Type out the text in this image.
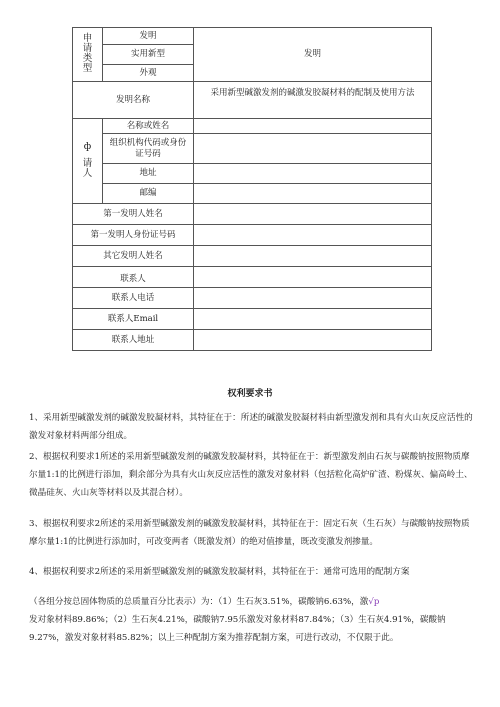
申请类型	发明	发明
	实用新型	
	外观	
发明名称		采用新型碱激发剂的碱激发胶凝材料的配制及使用方法
ф
请人	名称或姓名	
	组织机构代码或身份证号码	
	地址	
	邮编	
第一发明人姓名		
第一发明人身份证号码		
其它发明人姓名		
联系人		
联系人电话		
联系人Email		
联系人地址		
权利要求书

1、采用新型碱激发剂的碱激发胶凝材料，其特征在于：所述的碱激发胶凝材料由新型激发剂和具有火山灰反应活性的激发对象材料两部分组成。

2、根据权利要求1所述的采用新型碱激发剂的碱激发胶凝材料，其特征在于：新型激发剂由石灰与碳酸钠按照物质摩尔量1:1的比例进行添加，剩余部分为具有火山灰反应活性的激发对象材料（包括粒化高炉矿渣、粉煤灰、偏高岭土、微晶硅灰、火山灰等材料以及其混合材）。

3、根据权利要求2所述的采用新型碱激发剂的碱激发胶凝材料，其特征在于：固定石灰（生石灰）与碳酸钠按照物质摩尔量1:1的比例进行添加时，可改变两者（既激发剂）的绝对值掺量，既改变激发剂掺量。

4、根据权利要求2所述的采用新型碱激发剂的碱激发胶凝材料，其特征在于：通常可选用的配制方案

（各组分按总固体物质的总质量百分比表示）为：（1）生石灰3.51%，碳酸钠6.63%，激√p

发对象材料89.86%；（2）生石灰4.21%，碳酸钠7.95乐激发对象材料87.84%；（3）生石灰4.91%，碳酸钠9.27%，激发对象材料85.82%；以上三种配制方案为推荐配制方案，可进行改动，不仅限于此。
